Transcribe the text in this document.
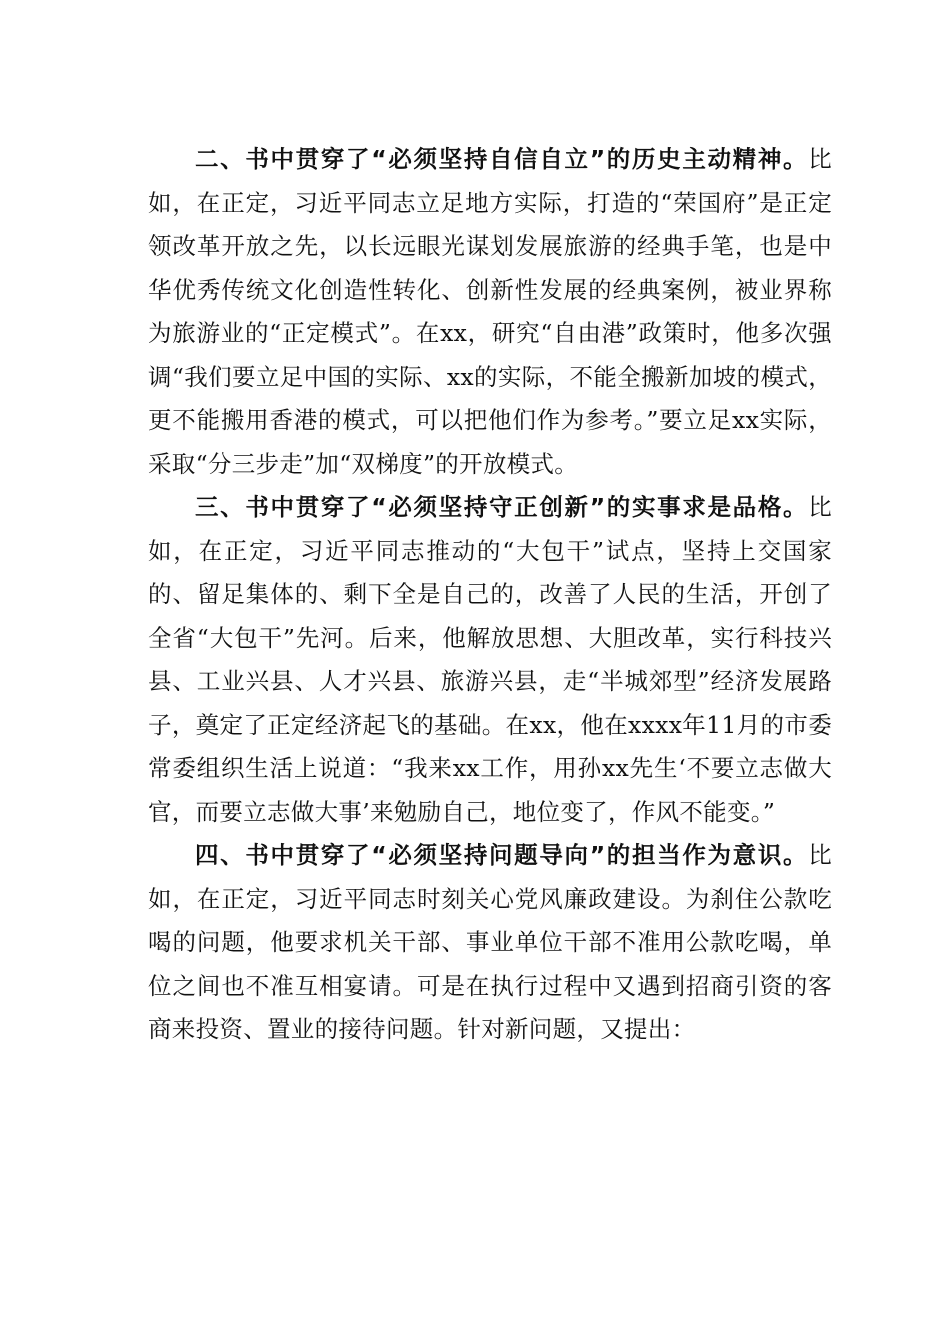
二、书中贯穿了“必须坚持自信自立”的历史主动精神。比如，在正定，习近平同志立足地方实际，打造的“荣国府”是正定领改革开放之先，以长远眼光谋划发展旅游的经典手笔，也是中华优秀传统文化创造性转化、创新性发展的经典案例，被业界称为旅游业的“正定模式”。在xx，研究“自由港”政策时，他多次强调“我们要立足中国的实际、xx的实际，不能全搬新加坡的模式，更不能搬用香港的模式，可以把他们作为参考。”要立足xx实际，采取“分三步走”加“双梯度”的开放模式。

三、书中贯穿了“必须坚持守正创新”的实事求是品格。比如，在正定，习近平同志推动的“大包干”试点，坚持上交国家的、留足集体的、剩下全是自己的，改善了人民的生活，开创了全省“大包干”先河。后来，他解放思想、大胆改革，实行科技兴县、工业兴县、人才兴县、旅游兴县，走“半城郊型”经济发展路子，奠定了正定经济起飞的基础。在xx，他在xxxx年11月的市委常委组织生活上说道：“我来xx工作，用孙xx先生‘不要立志做大官，而要立志做大事’来勉励自己，地位变了，作风不能变。”

四、书中贯穿了“必须坚持问题导向”的担当作为意识。比如，在正定，习近平同志时刻关心党风廉政建设。为刹住公款吃喝的问题，他要求机关干部、事业单位干部不准用公款吃喝，单位之间也不准互相宴请。可是在执行过程中又遇到招商引资的客商来投资、置业的接待问题。针对新问题，又提出：
